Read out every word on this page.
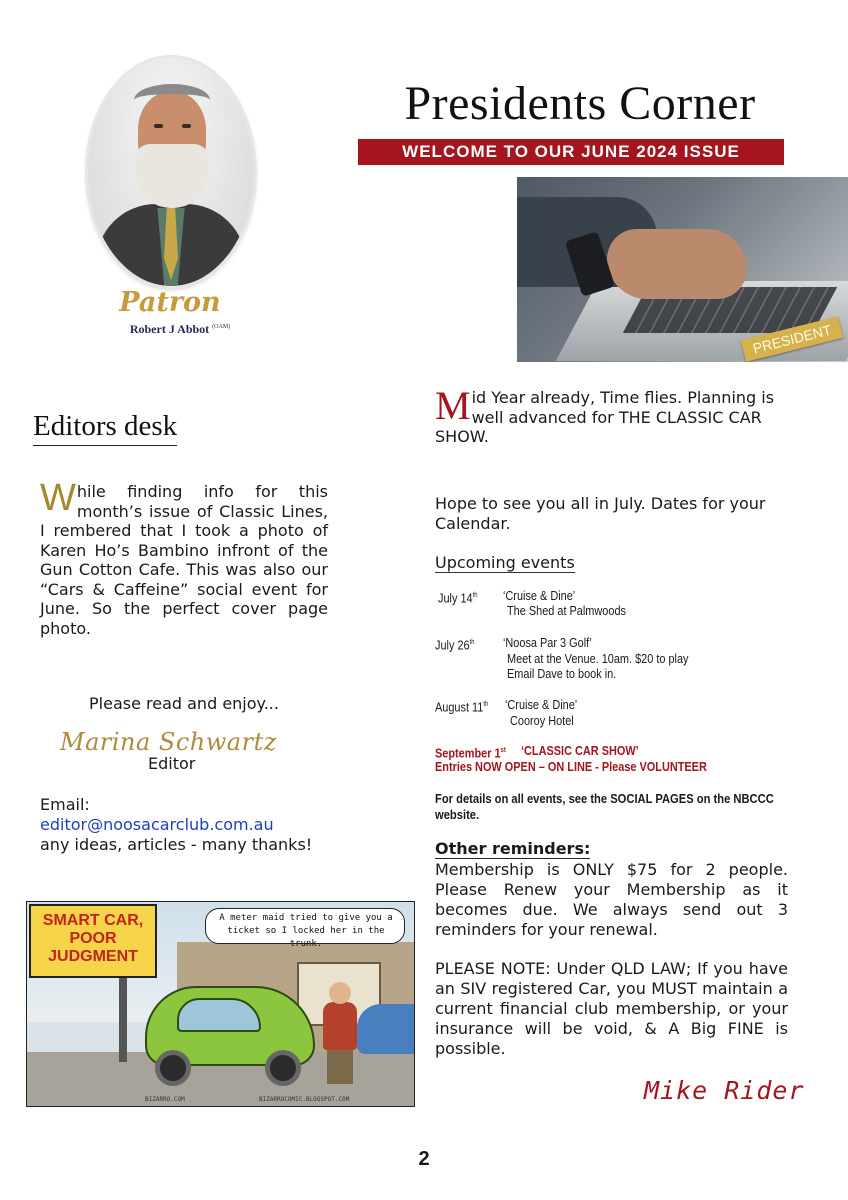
Patron
Robert J Abbot $^{(OAM)}$
Presidents Corner
WELCOME TO OUR JUNE 2024 ISSUE
PRESIDENT
Editors desk
While finding info for this month’s issue of Classic Lines, I rembered that I took a photo of Karen Ho’s Bambino infront of the Gun Cotton Cafe. This was also our “Cars & Caffeine” social event for June. So the perfect cover page photo.
Please read and enjoy...
Marina Schwartz
Editor
Email:
editor@noosacarclub.com.au
any ideas, articles - many thanks!
SMART CAR, POOR JUDGMENT
A meter maid tried to give you a ticket so I locked her in the trunk.
BIZARRO.COM	BIZARROCOMIC.BLOGSPOT.COM
Mid Year already, Time flies. Planning is well advanced for THE CLASSIC CAR SHOW.
Hope to see you all in July. Dates for your Calendar.
Upcoming events
July 14th ‘Cruise & Dine’
The Shed at Palmwoods
July 26th ‘Noosa Par 3 Golf’
Meet at the Venue. 10am. $20 to play
Email Dave to book in.
August 11th ‘Cruise & Dine’
Cooroy Hotel
September 1st ‘CLASSIC CAR SHOW’
Entries NOW OPEN – ON LINE - Please VOLUNTEER
For details on all events, see the SOCIAL PAGES on the NBCCC website.
Other reminders:
Membership is ONLY $75 for 2 people. Please Renew your Membership as it becomes due. We always send out 3 reminders for your renewal.
PLEASE NOTE: Under QLD LAW; If you have an SIV registered Car, you MUST maintain a current financial club membership, or your insurance will be void, & A Big FINE is possible.
Mike Rider
2
